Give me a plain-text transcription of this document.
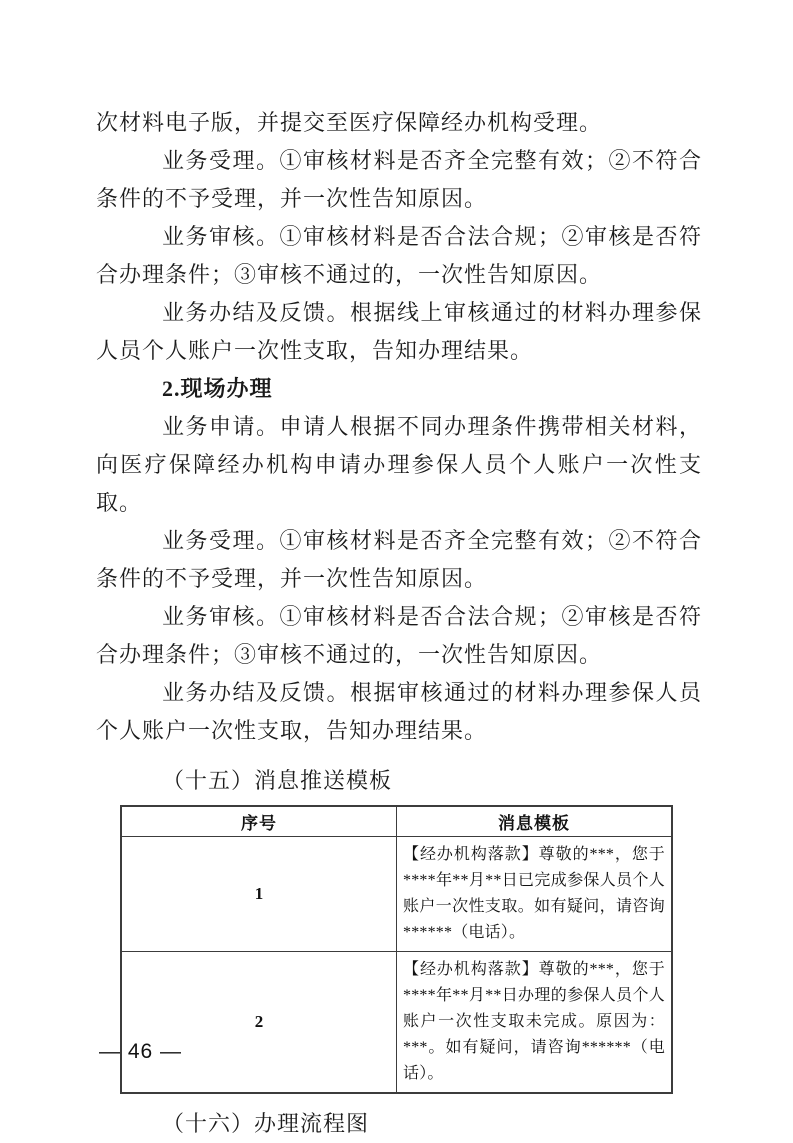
次材料电子版，并提交至医疗保障经办机构受理。

业务受理。①审核材料是否齐全完整有效；②不符合条件的不予受理，并一次性告知原因。

业务审核。①审核材料是否合法合规；②审核是否符合办理条件；③审核不通过的，一次性告知原因。

业务办结及反馈。根据线上审核通过的材料办理参保人员个人账户一次性支取，告知办理结果。

2.现场办理

业务申请。申请人根据不同办理条件携带相关材料，向医疗保障经办机构申请办理参保人员个人账户一次性支取。

业务受理。①审核材料是否齐全完整有效；②不符合条件的不予受理，并一次性告知原因。

业务审核。①审核材料是否合法合规；②审核是否符合办理条件；③审核不通过的，一次性告知原因。

业务办结及反馈。根据审核通过的材料办理参保人员个人账户一次性支取，告知办理结果。

（十五）消息推送模板

序号	消息模板
1	【经办机构落款】尊敬的***，您于****年**月**日已完成参保人员个人账户一次性支取。如有疑问，请咨询******（电话）。
2	【经办机构落款】尊敬的***，您于****年**月**日办理的参保人员个人账户一次性支取未完成。原因为：***。如有疑问，请咨询******（电话）。

（十六）办理流程图

— 46 —
